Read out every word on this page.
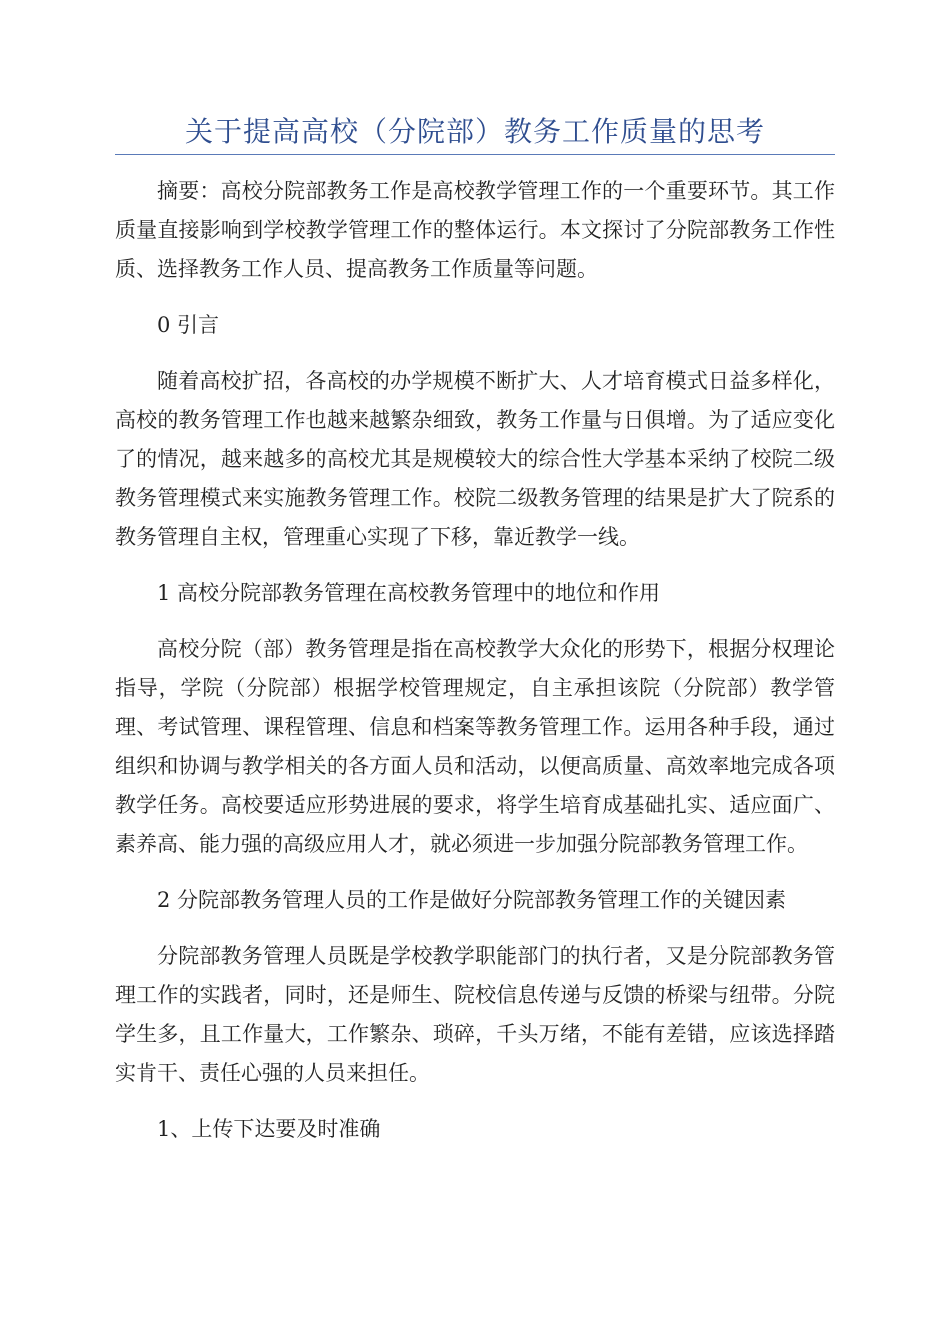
关于提高高校（分院部）教务工作质量的思考

摘要：高校分院部教务工作是高校教学管理工作的一个重要环节。其工作质量直接影响到学校教学管理工作的整体运行。本文探讨了分院部教务工作性质、选择教务工作人员、提高教务工作质量等问题。

0 引言

随着高校扩招，各高校的办学规模不断扩大、人才培育模式日益多样化，高校的教务管理工作也越来越繁杂细致，教务工作量与日俱增。为了适应变化了的情况，越来越多的高校尤其是规模较大的综合性大学基本采纳了校院二级教务管理模式来实施教务管理工作。校院二级教务管理的结果是扩大了院系的教务管理自主权，管理重心实现了下移，靠近教学一线。

1 高校分院部教务管理在高校教务管理中的地位和作用

高校分院（部）教务管理是指在高校教学大众化的形势下，根据分权理论指导，学院（分院部）根据学校管理规定，自主承担该院（分院部）教学管理、考试管理、课程管理、信息和档案等教务管理工作。运用各种手段，通过组织和协调与教学相关的各方面人员和活动，以便高质量、高效率地完成各项教学任务。高校要适应形势进展的要求，将学生培育成基础扎实、适应面广、素养高、能力强的高级应用人才，就必须进一步加强分院部教务管理工作。

2 分院部教务管理人员的工作是做好分院部教务管理工作的关键因素

分院部教务管理人员既是学校教学职能部门的执行者，又是分院部教务管理工作的实践者，同时，还是师生、院校信息传递与反馈的桥梁与纽带。分院学生多，且工作量大，工作繁杂、琐碎，千头万绪，不能有差错，应该选择踏实肯干、责任心强的人员来担任。

1、上传下达要及时准确
